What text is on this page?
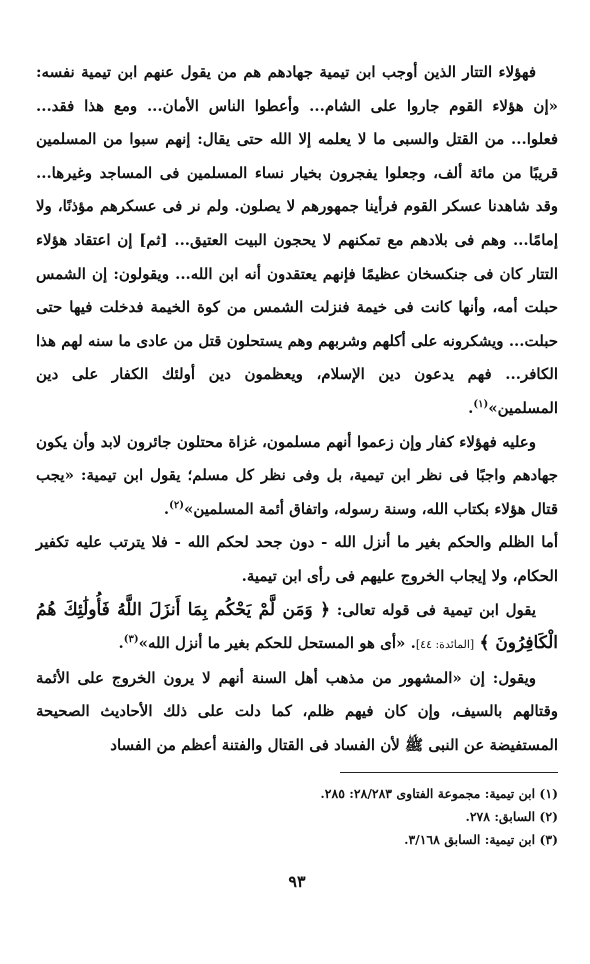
فهؤلاء التتار الذين أوجب ابن تيمية جهادهم هم من يقول عنهم ابن تيمية نفسه: «إن هؤلاء القوم جاروا على الشام... وأعطوا الناس الأمان... ومع هذا فقد... فعلوا... من القتل والسبى ما لا يعلمه إلا الله حتى يقال: إنهم سبوا من المسلمين قريبًا من مائة ألف، وجعلوا يفجرون بخيار نساء المسلمين فى المساجد وغيرها... وقد شاهدنا عسكر القوم فرأينا جمهورهم لا يصلون. ولم نر فى عسكرهم مؤذنًا، ولا إمامًا... وهم فى بلادهم مع تمكنهم لا يحجون البيت العتيق... [ثم] إن اعتقاد هؤلاء التتار كان فى جنكسخان عظيمًا فإنهم يعتقدون أنه ابن الله... ويقولون: إن الشمس حبلت أمه، وأنها كانت فى خيمة فنزلت الشمس من كوة الخيمة فدخلت فيها حتى حبلت... ويشكرونه على أكلهم وشربهم وهم يستحلون قتل من عادى ما سنه لهم هذا الكافر... فهم يدعون دين الإسلام، ويعظمون دين أولئك الكفار على دين المسلمين»$^{(١)}$.

وعليه فهؤلاء كفار وإن زعموا أنهم مسلمون، غزاة محتلون جائرون لابد وأن يكون جهادهم واجبًا فى نظر ابن تيمية، بل وفى نظر كل مسلم؛ يقول ابن تيمية: «يجب قتال هؤلاء بكتاب الله، وسنة رسوله، واتفاق أئمة المسلمين»$^{(٢)}$.

أما الظلم والحكم بغير ما أنزل الله - دون جحد لحكم الله - فلا يترتب عليه تكفير الحكام، ولا إيجاب الخروج عليهم فى رأى ابن تيمية.

يقول ابن تيمية فى قوله تعالى: ﴿ وَمَن لَّمْ يَحْكُم بِمَا أَنزَلَ اللَّهُ فَأُولَٰئِكَ هُمُ الْكَافِرُونَ ﴾ [المائدة: ٤٤]. «أى هو المستحل للحكم بغير ما أنزل الله»$^{(٣)}$.

ويقول: إن «المشهور من مذهب أهل السنة أنهم لا يرون الخروج على الأئمة وقتالهم بالسيف، وإن كان فيهم ظلم، كما دلت على ذلك الأحاديث الصحيحة المستفيضة عن النبى ﷺ لأن الفساد فى القتال والفتنة أعظم من الفساد

(١) ابن تيمية: مجموعة الفتاوى ٢٨/٢٨٣: ٢٨٥.

(٢) السابق: ٢٧٨.

(٣) ابن تيمية: السابق ٣/١٦٨.

٩٣
